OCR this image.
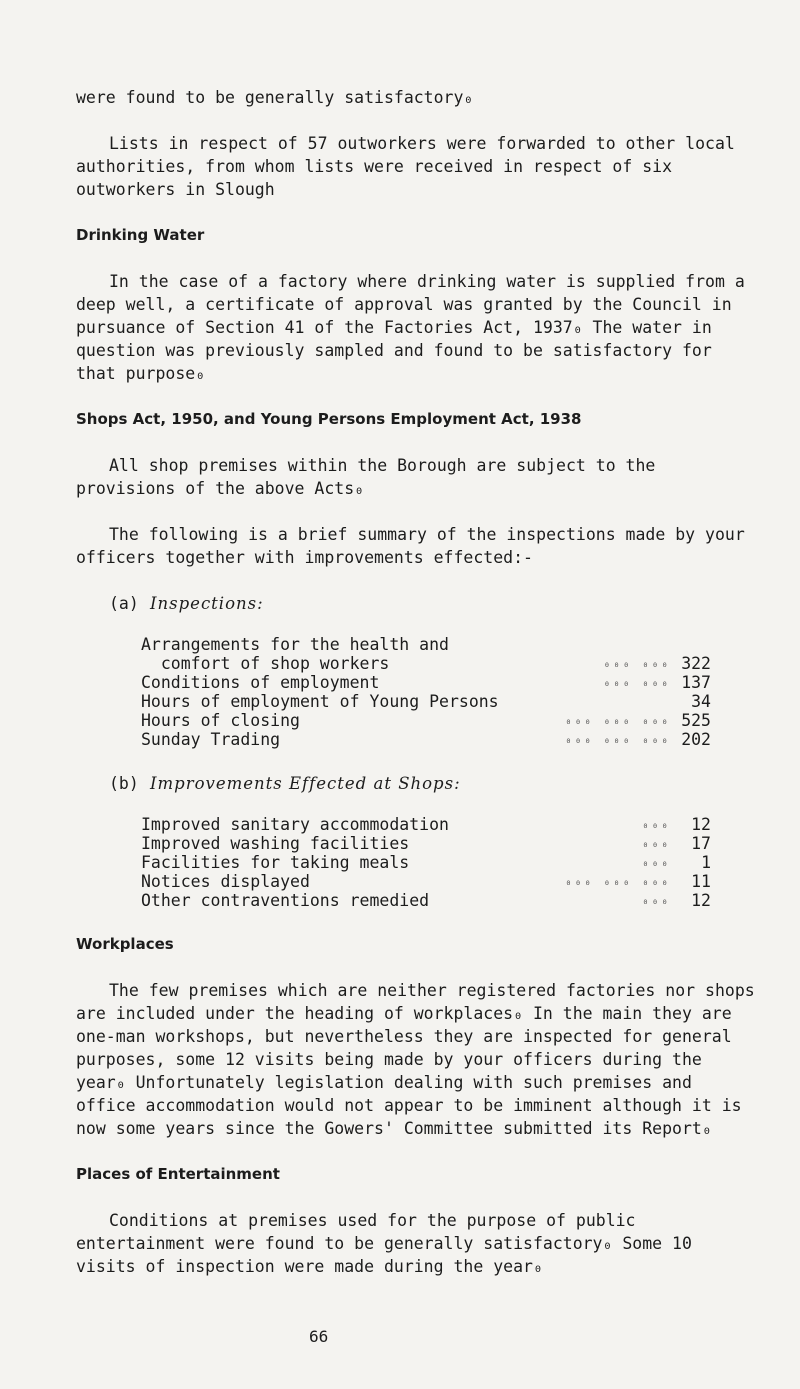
were found to be generally satisfactory₀

Lists in respect of 57 outworkers were forwarded to other local authorities, from whom lists were received in respect of six outworkers in Slough

Drinking Water

In the case of a factory where drinking water is supplied from a deep well, a certificate of approval was granted by the Council in pursuance of Section 41 of the Factories Act, 1937₀ The water in question was previously sampled and found to be satisfactory for that purpose₀

Shops Act, 1950, and Young Persons Employment Act, 1938

All shop premises within the Borough are subject to the provisions of the above Acts₀

The following is a brief summary of the inspections made by your officers together with improvements effected:-

(a) Inspections:
Arrangements for the health and
comfort of shop workers	₀₀₀ ₀₀₀ 322
Conditions of employment	₀₀₀ ₀₀₀ 137
Hours of employment of Young Persons	34
Hours of closing	₀₀₀ ₀₀₀ ₀₀₀ 525
Sunday Trading	₀₀₀ ₀₀₀ ₀₀₀ 202
(b) Improvements Effected at Shops:
Improved sanitary accommodation	₀₀₀	12
Improved washing facilities	₀₀₀	17
Facilities for taking meals	₀₀₀	1
Notices displayed	₀₀₀ ₀₀₀ ₀₀₀	11
Other contraventions remedied	₀₀₀	12
Workplaces

The few premises which are neither registered factories nor shops are included under the heading of workplaces₀ In the main they are one-man workshops, but nevertheless they are inspected for general purposes, some 12 visits being made by your officers during the year₀ Unfortunately legislation dealing with such premises and office accommodation would not appear to be imminent although it is now some years since the Gowers' Committee submitted its Report₀

Places of Entertainment

Conditions at premises used for the purpose of public entertainment were found to be generally satisfactory₀ Some 10 visits of inspection were made during the year₀

66
